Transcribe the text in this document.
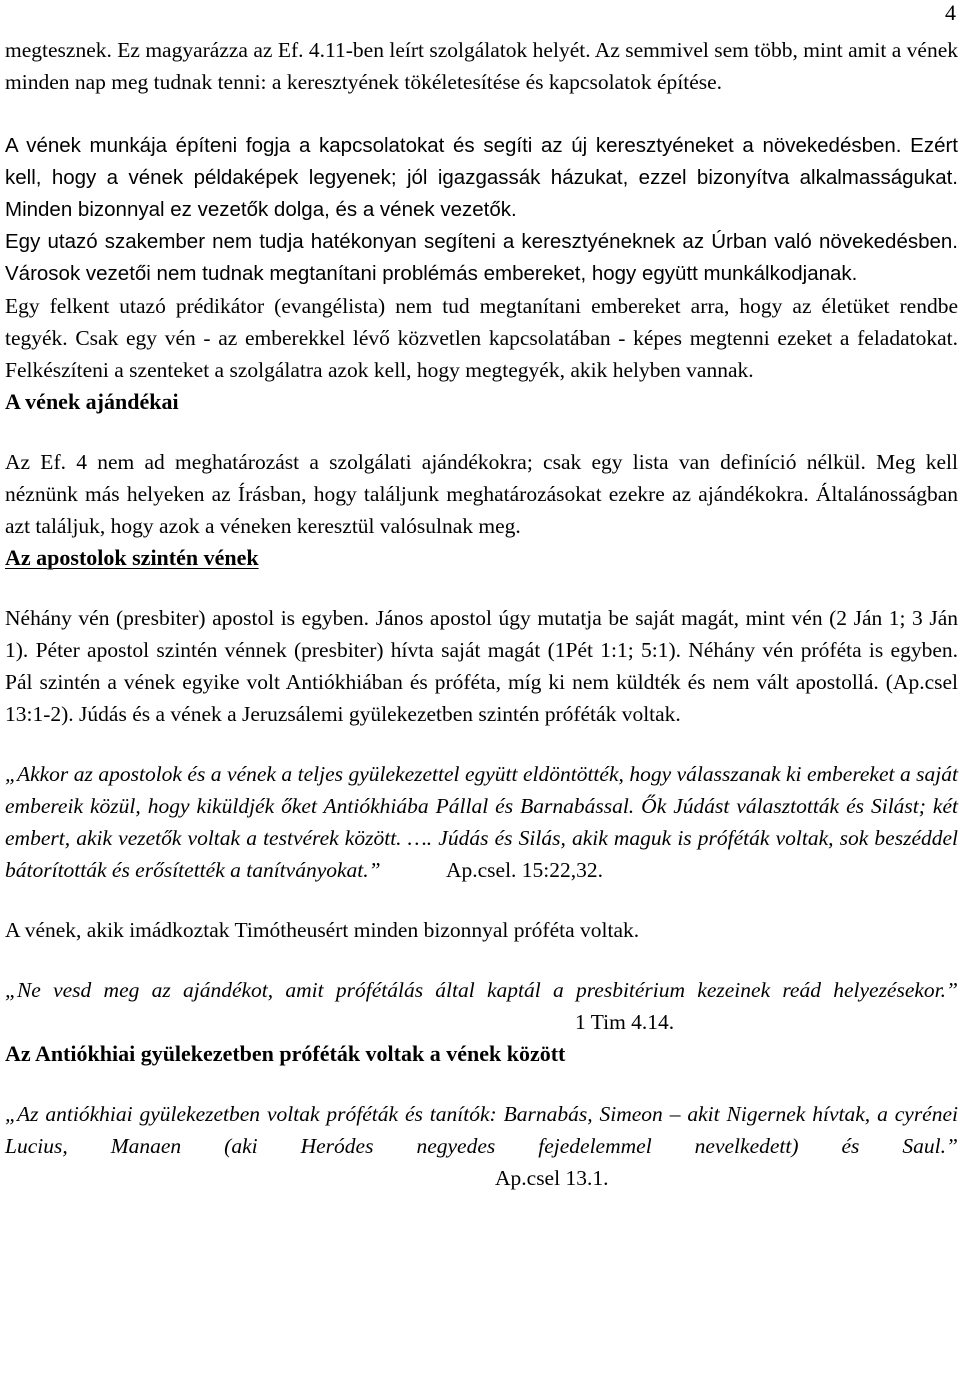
4

megtesznek. Ez magyarázza az Ef. 4.11-ben leírt szolgálatok helyét. Az semmivel sem több, mint amit a vének minden nap meg tudnak tenni: a keresztyének tökéletesítése és kapcsolatok építése.

A vének munkája építeni fogja a kapcsolatokat és segíti az új keresztyéneket a növekedésben. Ezért kell, hogy a vének példaképek legyenek; jól igazgassák házukat, ezzel bizonyítva alkalmasságukat. Minden bizonnyal ez vezetők dolga, és a vének vezetők.

Egy utazó szakember nem tudja hatékonyan segíteni a keresztyéneknek az Úrban való növekedésben. Városok vezetői nem tudnak megtanítani problémás embereket, hogy együtt munkálkodjanak.

Egy felkent utazó prédikátor (evangélista) nem tud megtanítani embereket arra, hogy az életüket rendbe tegyék. Csak egy vén - az emberekkel lévő közvetlen kapcsolatában - képes megtenni ezeket a feladatokat. Felkészíteni a szenteket a szolgálatra azok kell, hogy megtegyék, akik helyben vannak.

A vének ajándékai

Az Ef. 4 nem ad meghatározást a szolgálati ajándékokra; csak egy lista van definíció nélkül. Meg kell néznünk más helyeken az Írásban, hogy találjunk meghatározásokat ezekre az ajándékokra. Általánosságban azt találjuk, hogy azok a véneken keresztül valósulnak meg.

Az apostolok szintén vének

Néhány vén (presbiter) apostol is egyben. János apostol úgy mutatja be saját magát, mint vén (2 Ján 1; 3 Ján 1). Péter apostol szintén vénnek (presbiter) hívta saját magát (1Pét 1:1; 5:1). Néhány vén próféta is egyben. Pál szintén a vének egyike volt Antiókhiában és próféta, míg ki nem küldték és nem vált apostollá. (Ap.csel 13:1-2). Júdás és a vének a Jeruzsálemi gyülekezetben szintén próféták voltak.

„Akkor az apostolok és a vének a teljes gyülekezettel együtt eldöntötték, hogy válasszanak ki embereket a saját embereik közül, hogy kiküldjék őket Antiókhiába Pállal és Barnabással. Ők Júdást választották és Silást; két embert, akik vezetők voltak a testvérek között. …. Júdás és Silás, akik maguk is próféták voltak, sok beszéddel bátorították és erősítették a tanítványokat.”	Ap.csel. 15:22,32.

A vének, akik imádkoztak Timótheusért minden bizonnyal próféta voltak.

„Ne vesd meg az ajándékot, amit prófétálás által kaptál a presbitérium kezeinek reád helyezésekor.” 1 Tim 4.14.

Az Antiókhiai gyülekezetben próféták voltak a vének között

„Az antiókhiai gyülekezetben voltak próféták és tanítók: Barnabás, Simeon – akit Nigernek hívtak, a cyrénei Lucius, Manaen (aki Heródes negyedes fejedelemmel nevelkedett) és Saul.” Ap.csel 13.1.
